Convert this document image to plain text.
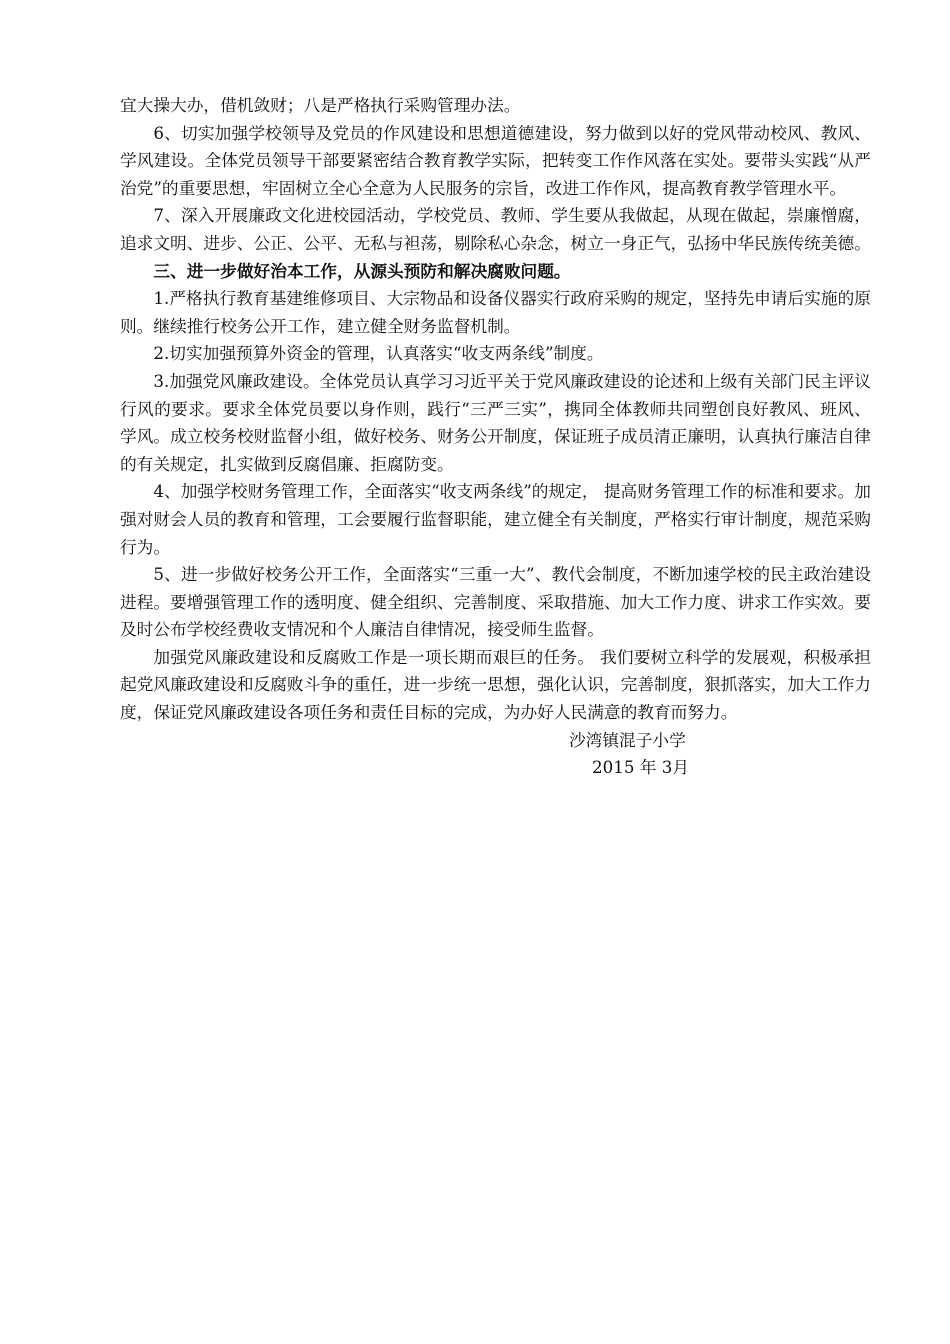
宜大操大办，借机敛财；八是严格执行采购管理办法。

6、切实加强学校领导及党员的作风建设和思想道德建设，努力做到以好的党风带动校风、教风、学风建设。全体党员领导干部要紧密结合教育教学实际，把转变工作作风落在实处。要带头实践“从严治党”的重要思想，牢固树立全心全意为人民服务的宗旨，改进工作作风，提高教育教学管理水平。

7、深入开展廉政文化进校园活动，学校党员、教师、学生要从我做起，从现在做起，崇廉憎腐，追求文明、进步、公正、公平、无私与袒荡，剔除私心杂念，树立一身正气，弘扬中华民族传统美德。

三、进一步做好治本工作，从源头预防和解决腐败问题。

1.严格执行教育基建维修项目、大宗物品和设备仪器实行政府采购的规定，坚持先申请后实施的原则。继续推行校务公开工作，建立健全财务监督机制。

2.切实加强预算外资金的管理，认真落实“收支两条线”制度。

3.加强党风廉政建设。全体党员认真学习习近平关于党风廉政建设的论述和上级有关部门民主评议行风的要求。要求全体党员要以身作则，践行“三严三实”，携同全体教师共同塑创良好教风、班风、学风。成立校务校财监督小组，做好校务、财务公开制度，保证班子成员清正廉明，认真执行廉洁自律的有关规定，扎实做到反腐倡廉、拒腐防变。

4、加强学校财务管理工作，全面落实“收支两条线”的规定， 提高财务管理工作的标准和要求。加强对财会人员的教育和管理，工会要履行监督职能，建立健全有关制度，严格实行审计制度，规范采购行为。

5、进一步做好校务公开工作，全面落实“三重一大”、教代会制度，不断加速学校的民主政治建设进程。要增强管理工作的透明度、健全组织、完善制度、采取措施、加大工作力度、讲求工作实效。要及时公布学校经费收支情况和个人廉洁自律情况，接受师生监督。

加强党风廉政建设和反腐败工作是一项长期而艰巨的任务。 我们要树立科学的发展观，积极承担起党风廉政建设和反腐败斗争的重任，进一步统一思想，强化认识，完善制度，狠抓落实，加大工作力度，保证党风廉政建设各项任务和责任目标的完成，为办好人民满意的教育而努力。

沙湾镇混子小学

2015 年 3月
